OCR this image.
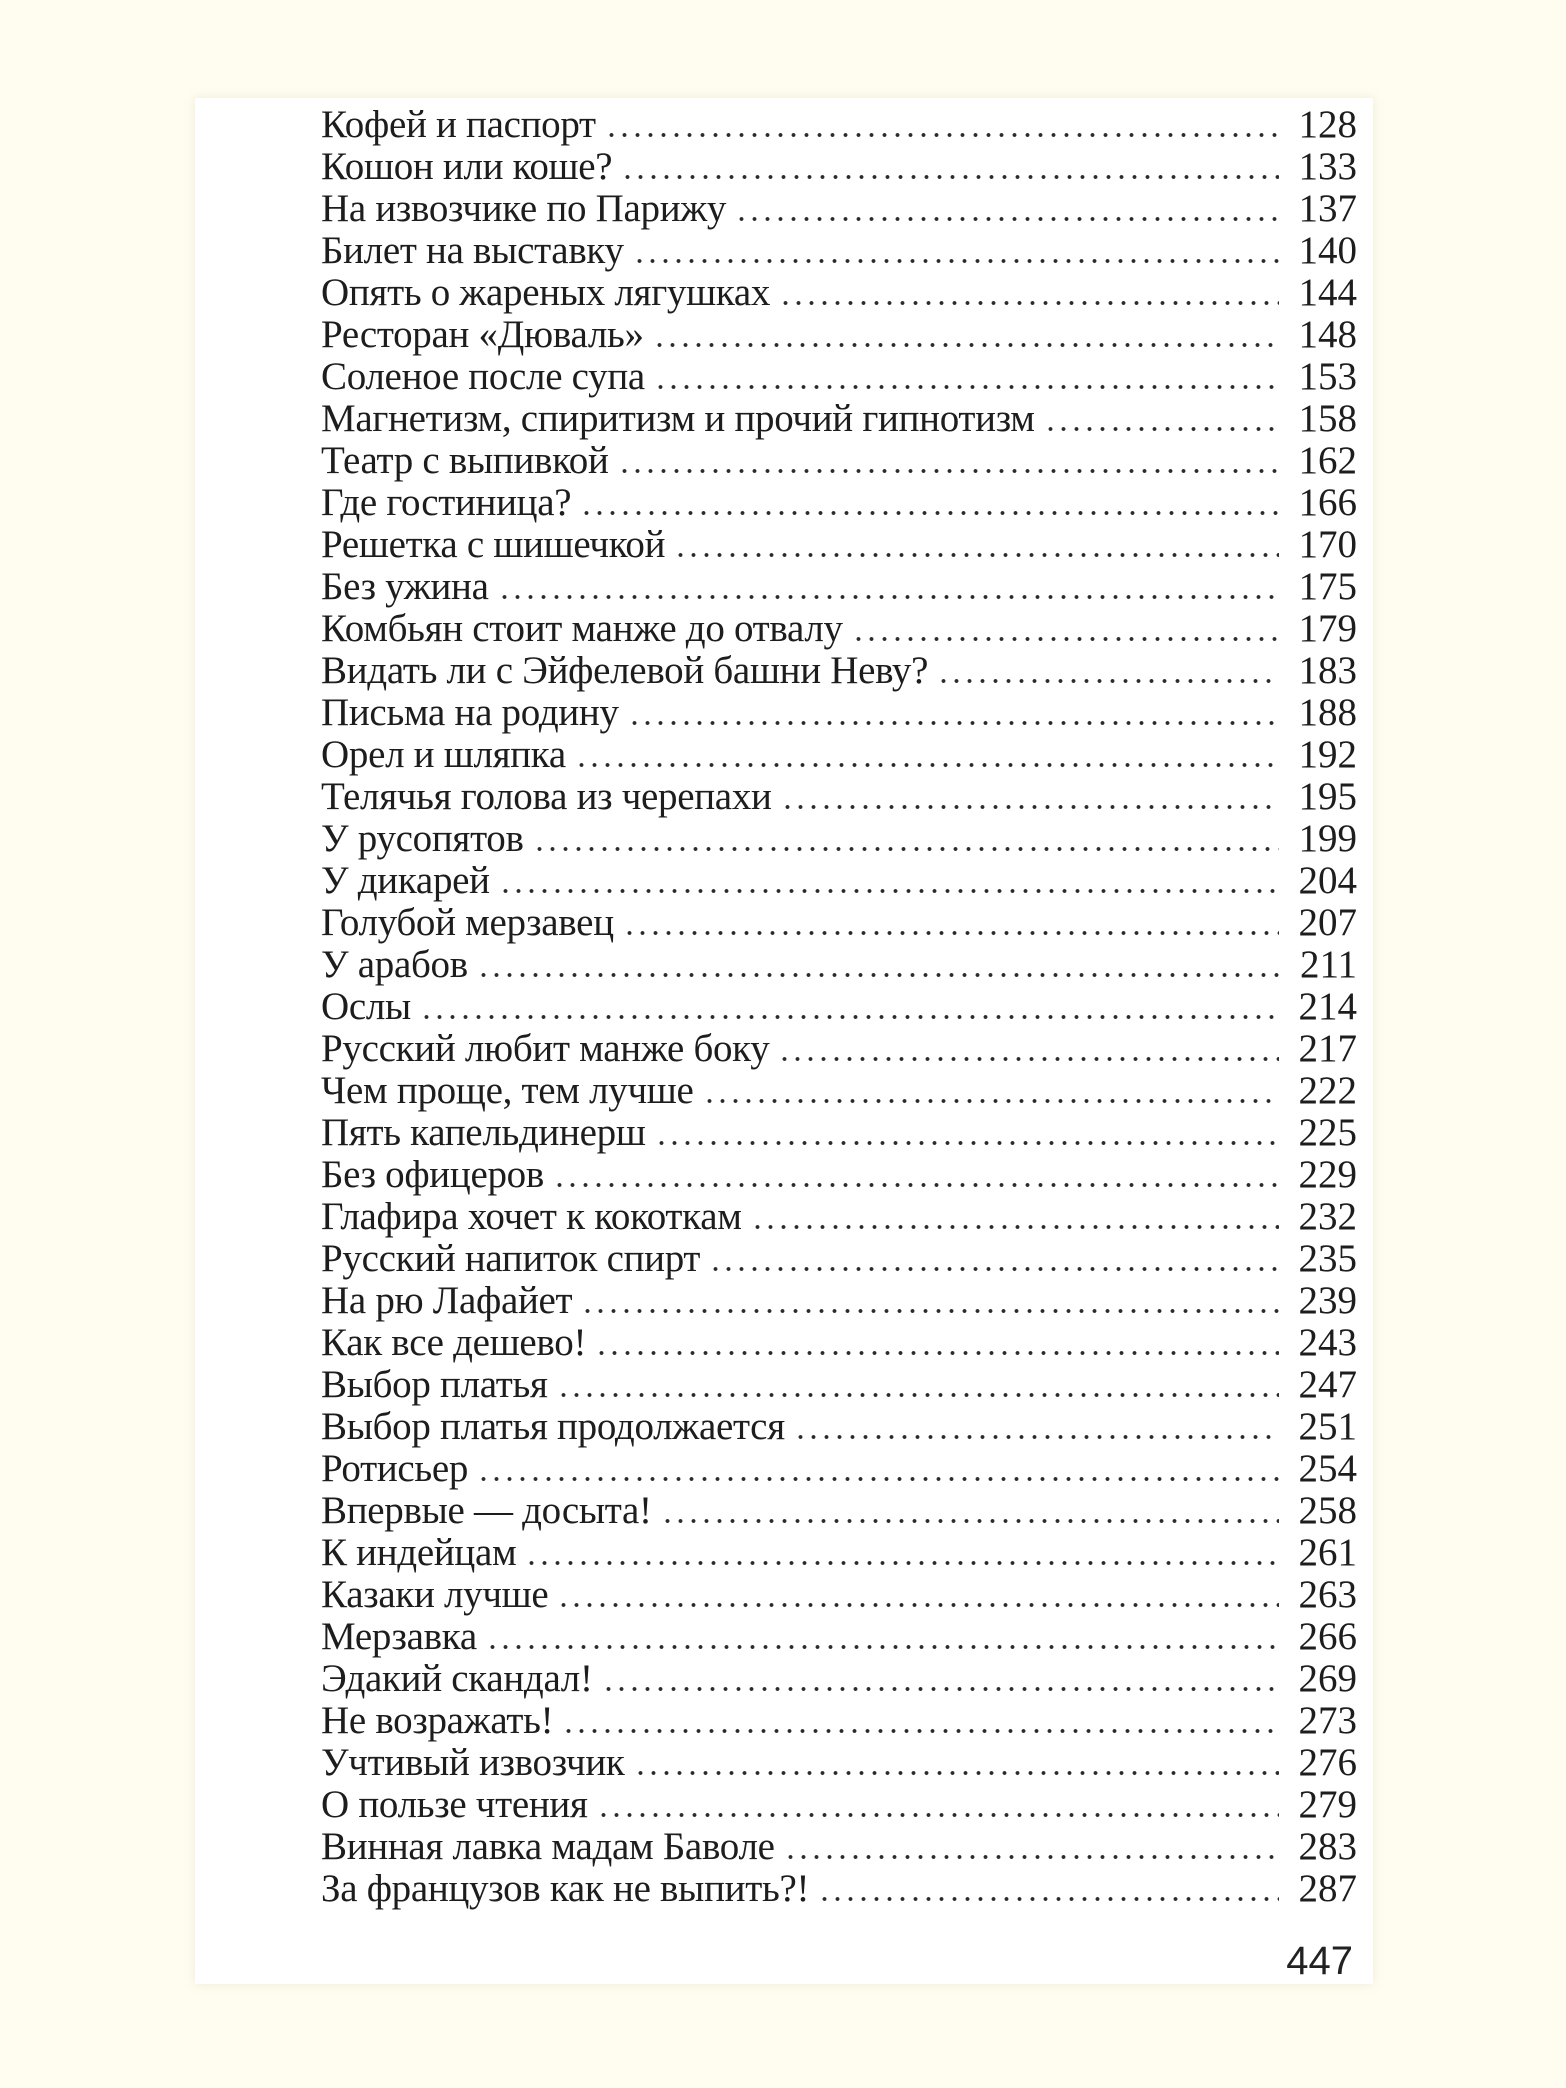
Кофей и паспорт	128
Кошон или коше?	133
На извозчике по Парижу	137
Билет на выставку	140
Опять о жареных лягушках	144
Ресторан «Дюваль»	148
Соленое после супа	153
Магнетизм, спиритизм и прочий гипнотизм	158
Театр с выпивкой	162
Где гостиница?	166
Решетка с шишечкой	170
Без ужина	175
Комбьян стоит манже до отвалу	179
Видать ли с Эйфелевой башни Неву?	183
Письма на родину	188
Орел и шляпка	192
Телячья голова из черепахи	195
У русопятов	199
У дикарей	204
Голубой мерзавец	207
У арабов	211
Ослы	214
Русский любит манже боку	217
Чем проще, тем лучше	222
Пять капельдинерш	225
Без офицеров	229
Глафира хочет к кокоткам	232
Русский напиток спирт	235
На рю Лафайет	239
Как все дешево!	243
Выбор платья	247
Выбор платья продолжается	251
Ротисьер	254
Впервые — досыта!	258
К индейцам	261
Казаки лучше	263
Мерзавка	266
Эдакий скандал!	269
Не возражать!	273
Учтивый извозчик	276
О пользе чтения	279
Винная лавка мадам Баволе	283
За французов как не выпить?!	287
447
